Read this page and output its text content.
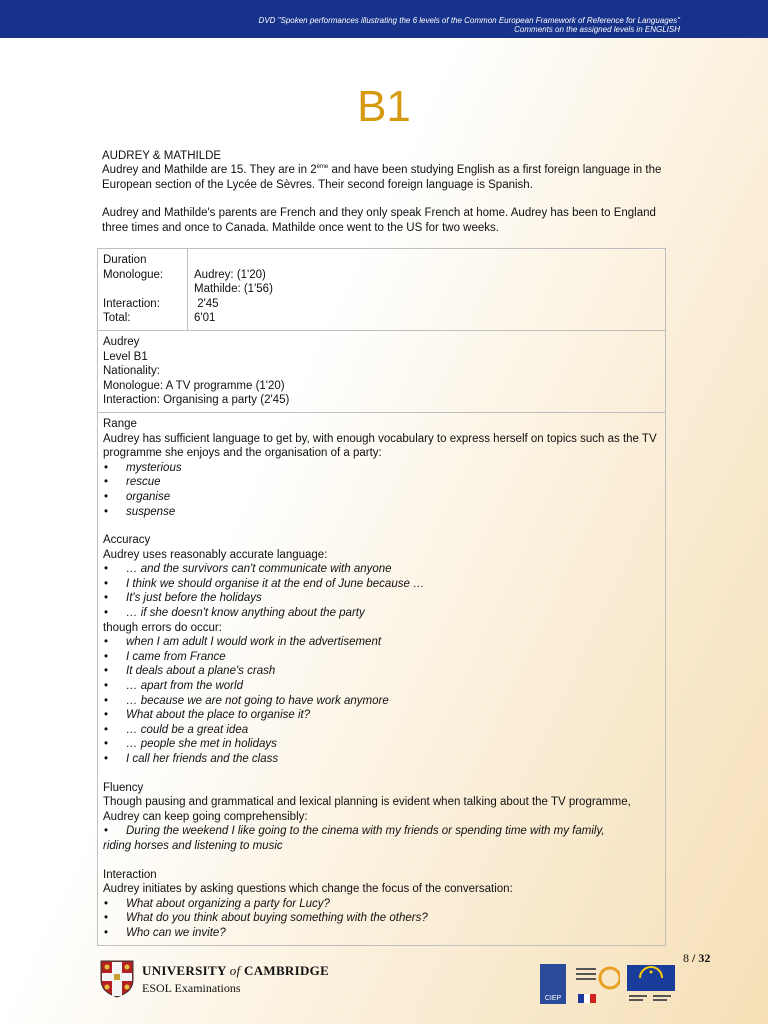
DVD "Spoken performances illustrating the 6 levels of the Common European Framework of Reference for Languages"
Comments on the assigned levels in ENGLISH
B1

AUDREY & MATHILDE

Audrey and Mathilde are 15. They are in 2ème and have been studying English as a first foreign language in the European section of the Lycée de Sèvres. Their second foreign language is Spanish.

Audrey and Mathilde's parents are French and they only speak French at home. Audrey has been to England three times and once to Canada. Mathilde once went to the US for two weeks.

Duration
Monologue:

Interaction:
Total:

Audrey: (1'20)
Mathilde: (1'56)
2'45
6'01
Audrey
Level B1
Nationality:
Monologue: A TV programme (1'20)
Interaction: Organising a party (2'45)
Range
Audrey has sufficient language to get by, with enough vocabulary to express herself on topics such as the TV programme she enjoys and the organisation of a party:
• mysterious
• rescue
• organise
• suspense
Accuracy
Audrey uses reasonably accurate language:
• … and the survivors can't communicate with anyone
• I think we should organise it at the end of June because …
• It's just before the holidays
• … if she doesn't know anything about the party
though errors do occur:
• when I am adult I would work in the advertisement
• I came from France
• It deals about a plane's crash
• … apart from the world
• … because we are not going to have work anymore
• What about the place to organise it?
• … could be a great idea
• … people she met in holidays
• I call her friends and the class
Fluency
Though pausing and grammatical and lexical planning is evident when talking about the TV programme, Audrey can keep going comprehensibly:
• During the weekend I like going to the cinema with my friends or spending time with my family,
riding horses and listening to music
Interaction
Audrey initiates by asking questions which change the focus of the conversation:
• What about organizing a party for Lucy?
• What do you think about buying something with the others?
• Who can we invite?
8 / 32
UNIVERSITY of CAMBRIDGE
ESOL Examinations
CIEP
